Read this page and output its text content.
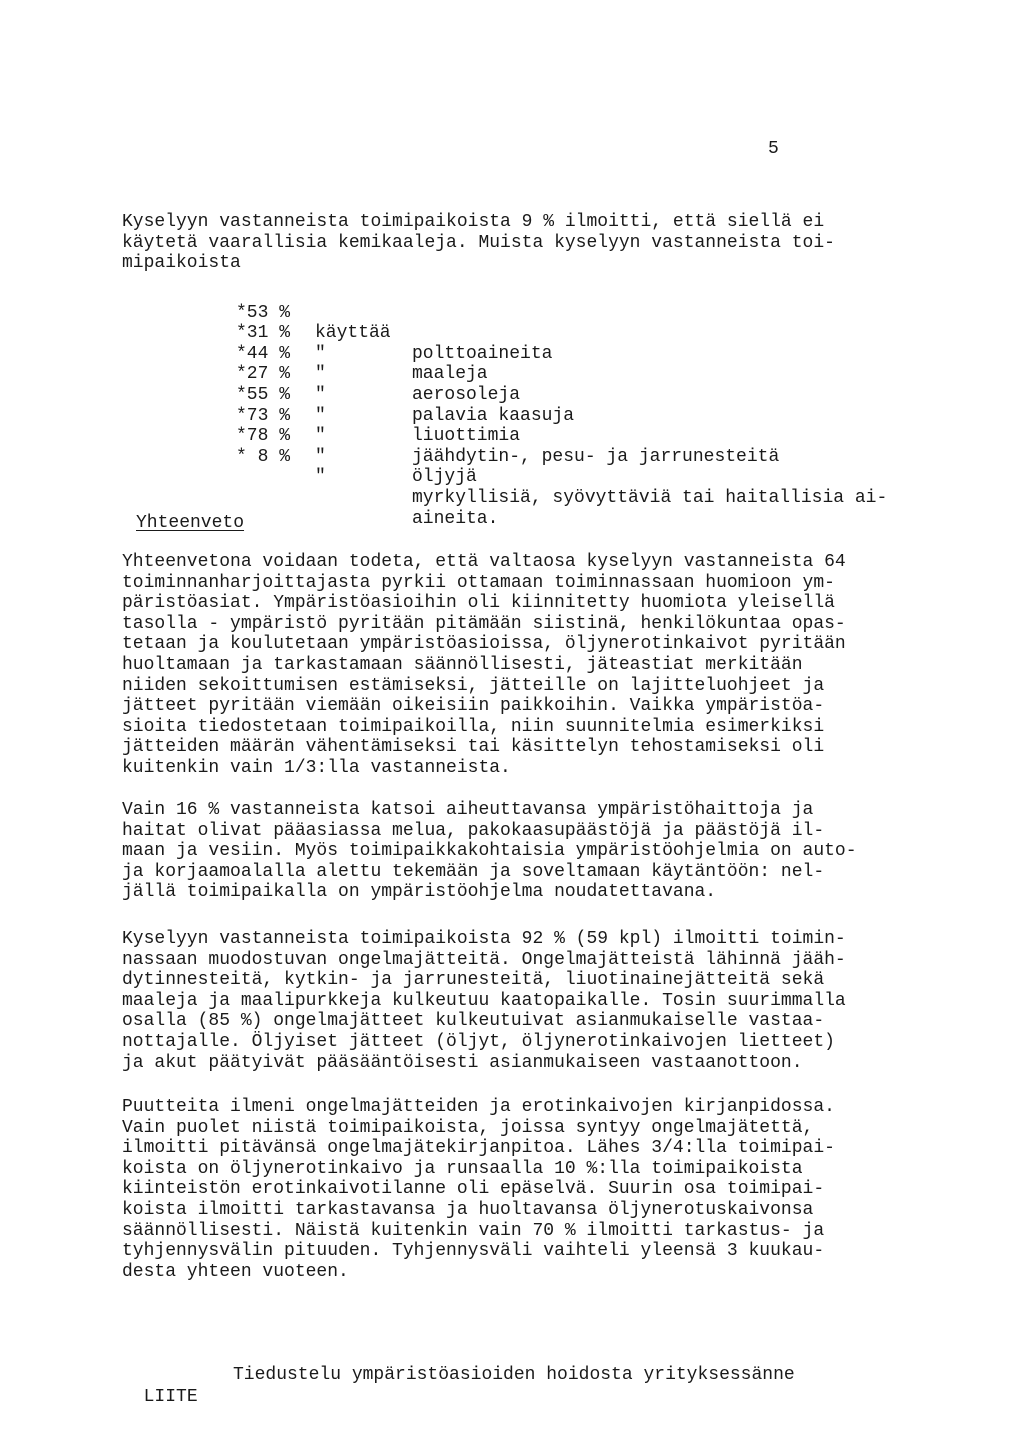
5
Kyselyyn vastanneista toimipaikoista 9 % ilmoitti, että siellä ei
käytetä vaarallisia kemikaaleja. Muista kyselyyn vastanneista toi-
mipaikoista

*53 %

käyttää

polttoaineita

*31 %

"

maaleja

*44 %

"

aerosoleja

*27 %

"

palavia kaasuja

*55 %

"

liuottimia

*73 %

"

jäähdytin-, pesu- ja jarrunesteitä

*78 %

"

öljyjä

* 8 %

"

myrkyllisiä, syövyttäviä tai haitallisia ai-

aineita.

Yhteenveto
Yhteenvetona voidaan todeta, että valtaosa kyselyyn vastanneista 64
toiminnanharjoittajasta pyrkii ottamaan toiminnassaan huomioon ym-
päristöasiat. Ympäristöasioihin oli kiinnitetty huomiota yleisellä
tasolla - ympäristö pyritään pitämään siistinä, henkilökuntaa opas-
tetaan ja koulutetaan ympäristöasioissa, öljynerotinkaivot pyritään
huoltamaan ja tarkastamaan säännöllisesti, jäteastiat merkitään
niiden sekoittumisen estämiseksi, jätteille on lajitteluohjeet ja
jätteet pyritään viemään oikeisiin paikkoihin. Vaikka ympäristöa-
sioita tiedostetaan toimipaikoilla, niin suunnitelmia esimerkiksi
jätteiden määrän vähentämiseksi tai käsittelyn tehostamiseksi oli
kuitenkin vain 1/3:lla vastanneista.
Vain 16 % vastanneista katsoi aiheuttavansa ympäristöhaittoja ja
haitat olivat pääasiassa melua, pakokaasupäästöjä ja päästöjä il-
maan ja vesiin. Myös toimipaikkakohtaisia ympäristöohjelmia on auto-
ja korjaamoalalla alettu tekemään ja soveltamaan käytäntöön: nel-
jällä toimipaikalla on ympäristöohjelma noudatettavana.
Kyselyyn vastanneista toimipaikoista 92 % (59 kpl) ilmoitti toimin-
nassaan muodostuvan ongelmajätteitä. Ongelmajätteistä lähinnä jääh-
dytinnesteitä, kytkin- ja jarrunesteitä, liuotinainejätteitä sekä
maaleja ja maalipurkkeja kulkeutuu kaatopaikalle. Tosin suurimmalla
osalla (85 %) ongelmajätteet kulkeutuivat asianmukaiselle vastaa-
nottajalle. Öljyiset jätteet (öljyt, öljynerotinkaivojen lietteet)
ja akut päätyivät pääsääntöisesti asianmukaiseen vastaanottoon.
Puutteita ilmeni ongelmajätteiden ja erotinkaivojen kirjanpidossa.
Vain puolet niistä toimipaikoista, joissa syntyy ongelmajätettä,
ilmoitti pitävänsä ongelmajätekirjanpitoa. Lähes 3/4:lla toimipai-
koista on öljynerotinkaivo ja runsaalla 10 %:lla toimipaikoista
kiinteistön erotinkaivotilanne oli epäselvä. Suurin osa toimipai-
koista ilmoitti tarkastavansa ja huoltavansa öljynerotuskaivonsa
säännöllisesti. Näistä kuitenkin vain 70 % ilmoitti tarkastus- ja
tyhjennysvälin pituuden. Tyhjennysväli vaihteli yleensä 3 kuukau-
desta yhteen vuoteen.

LIITE

Tiedustelu ympäristöasioiden hoidosta yrityksessänne
